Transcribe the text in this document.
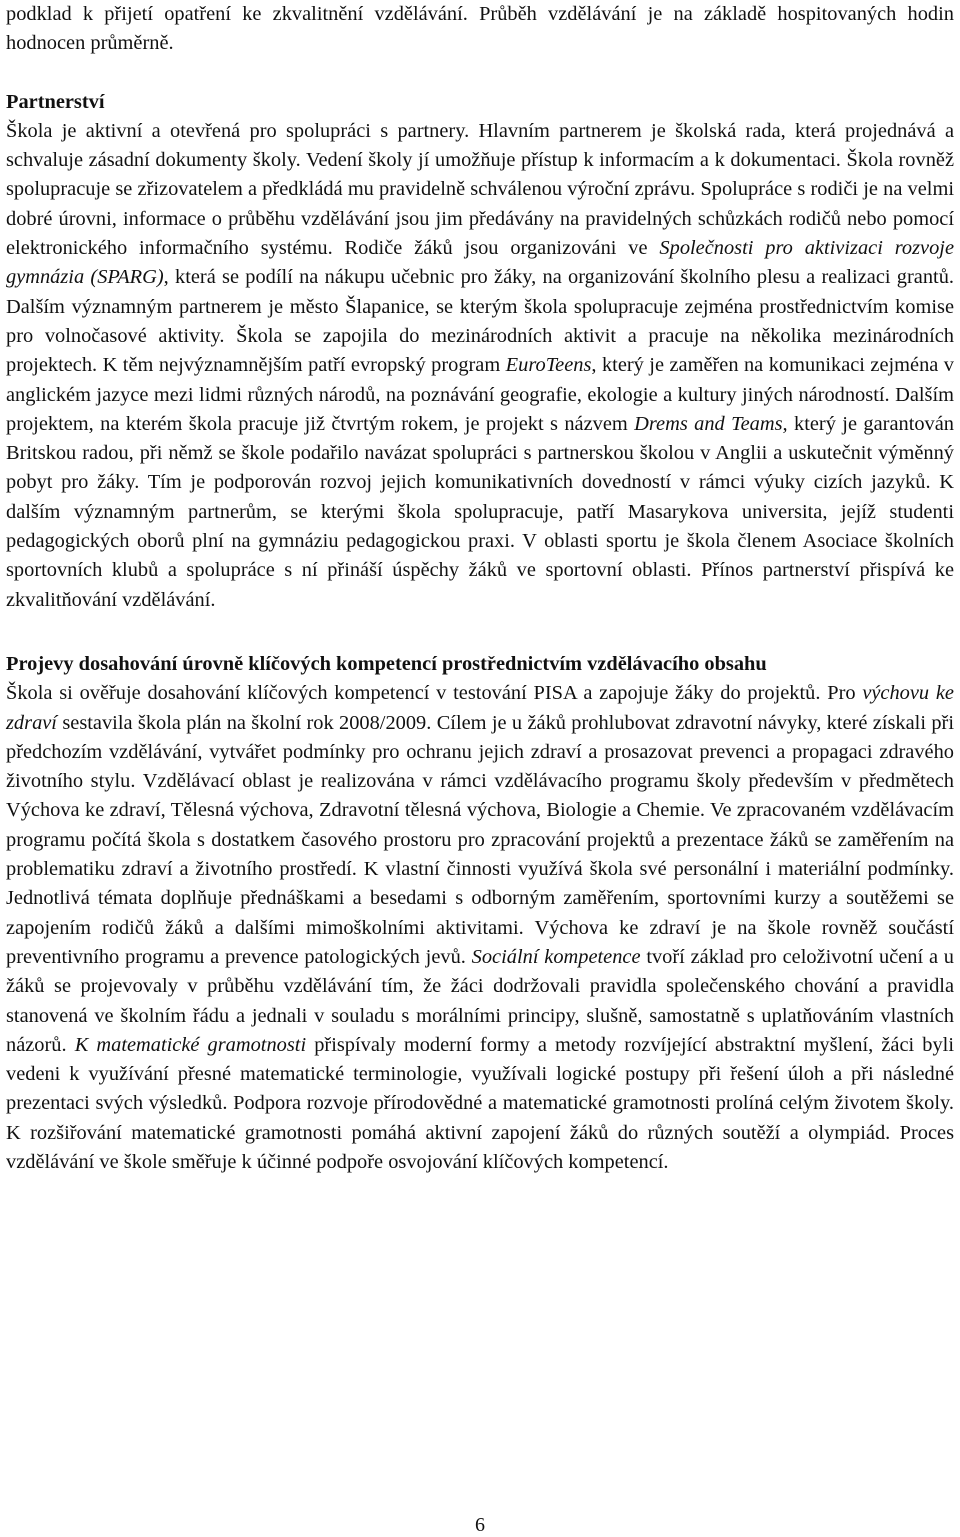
podklad k přijetí opatření ke zkvalitnění vzdělávání. Průběh vzdělávání je na základě hospitovaných hodin hodnocen průměrně.

Partnerství

Škola je aktivní a otevřená pro spolupráci s partnery. Hlavním partnerem je školská rada, která projednává a schvaluje zásadní dokumenty školy. Vedení školy jí umožňuje přístup k informacím a k dokumentaci. Škola rovněž spolupracuje se zřizovatelem a předkládá mu pravidelně schválenou výroční zprávu. Spolupráce s rodiči je na velmi dobré úrovni, informace o průběhu vzdělávání jsou jim předávány na pravidelných schůzkách rodičů nebo pomocí elektronického informačního systému. Rodiče žáků jsou organizováni ve Společnosti pro aktivizaci rozvoje gymnázia (SPARG), která se podílí na nákupu učebnic pro žáky, na organizování školního plesu a realizaci grantů. Dalším významným partnerem je město Šlapanice, se kterým škola spolupracuje zejména prostřednictvím komise pro volnočasové aktivity. Škola se zapojila do mezinárodních aktivit a pracuje na několika mezinárodních projektech. K těm nejvýznamnějším patří evropský program EuroTeens, který je zaměřen na komunikaci zejména v anglickém jazyce mezi lidmi různých národů, na poznávání geografie, ekologie a kultury jiných národností. Dalším projektem, na kterém škola pracuje již čtvrtým rokem, je projekt s názvem Drems and Teams, který je garantován Britskou radou, při němž se škole podařilo navázat spolupráci s partnerskou školou v Anglii a uskutečnit výměnný pobyt pro žáky. Tím je podporován rozvoj jejich komunikativních dovedností v rámci výuky cizích jazyků. K dalším významným partnerům, se kterými škola spolupracuje, patří Masarykova universita, jejíž studenti pedagogických oborů plní na gymnáziu pedagogickou praxi. V oblasti sportu je škola členem Asociace školních sportovních klubů a spolupráce s ní přináší úspěchy žáků ve sportovní oblasti. Přínos partnerství přispívá ke zkvalitňování vzdělávání.

Projevy dosahování úrovně klíčových kompetencí prostřednictvím vzdělávacího obsahu

Škola si ověřuje dosahování klíčových kompetencí v testování PISA a zapojuje žáky do projektů. Pro výchovu ke zdraví sestavila škola plán na školní rok 2008/2009. Cílem je u žáků prohlubovat zdravotní návyky, které získali při předchozím vzdělávání, vytvářet podmínky pro ochranu jejich zdraví a prosazovat prevenci a propagaci zdravého životního stylu. Vzdělávací oblast je realizována v rámci vzdělávacího programu školy především v předmětech Výchova ke zdraví, Tělesná výchova, Zdravotní tělesná výchova, Biologie a Chemie. Ve zpracovaném vzdělávacím programu počítá škola s dostatkem časového prostoru pro zpracování projektů a prezentace žáků se zaměřením na problematiku zdraví a životního prostředí. K vlastní činnosti využívá škola své personální i materiální podmínky. Jednotlivá témata doplňuje přednáškami a besedami s odborným zaměřením, sportovními kurzy a soutěžemi se zapojením rodičů žáků a dalšími mimoškolními aktivitami. Výchova ke zdraví je na škole rovněž součástí preventivního programu a prevence patologických jevů. Sociální kompetence tvoří základ pro celoživotní učení a u žáků se projevovaly v průběhu vzdělávání tím, že žáci dodržovali pravidla společenského chování a pravidla stanovená ve školním řádu a jednali v souladu s morálními principy, slušně, samostatně s uplatňováním vlastních názorů. K matematické gramotnosti přispívaly moderní formy a metody rozvíjející abstraktní myšlení, žáci byli vedeni k využívání přesné matematické terminologie, využívali logické postupy při řešení úloh a při následné prezentaci svých výsledků. Podpora rozvoje přírodovědné a matematické gramotnosti prolíná celým životem školy. K rozšiřování matematické gramotnosti pomáhá aktivní zapojení žáků do různých soutěží a olympiád. Proces vzdělávání ve škole směřuje k účinné podpoře osvojování klíčových kompetencí.

6
